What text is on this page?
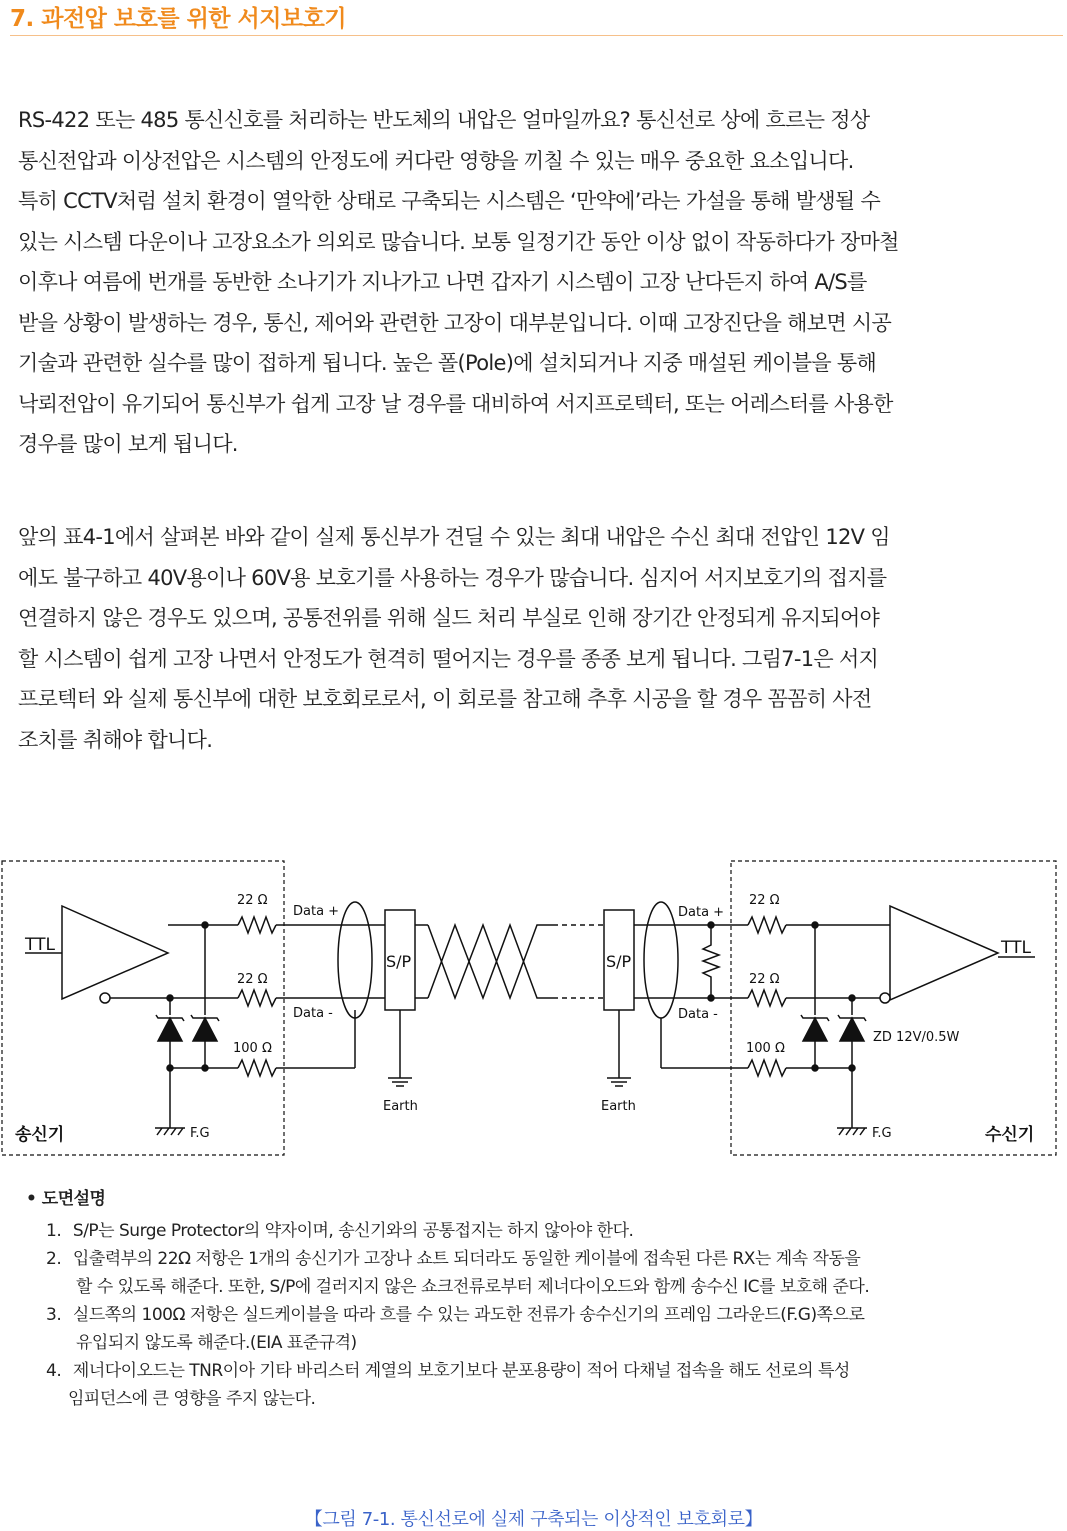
7. 과전압 보호를 위한 서지보호기
RS-422 또는 485 통신신호를 처리하는 반도체의 내압은 얼마일까요? 통신선로 상에 흐르는 정상
통신전압과 이상전압은 시스템의 안정도에 커다란 영향을 끼칠 수 있는 매우 중요한 요소입니다.
특히 CCTV처럼 설치 환경이 열악한 상태로 구축되는 시스템은 ‘만약에’라는 가설을 통해 발생될 수
있는 시스템 다운이나 고장요소가 의외로 많습니다. 보통 일정기간 동안 이상 없이 작동하다가 장마철
이후나 여름에 번개를 동반한 소나기가 지나가고 나면 갑자기 시스템이 고장 난다든지 하여 A/S를
받을 상황이 발생하는 경우, 통신, 제어와 관련한 고장이 대부분입니다. 이때 고장진단을 해보면 시공
기술과 관련한 실수를 많이 접하게 됩니다. 높은 폴(Pole)에 설치되거나 지중 매설된 케이블을 통해
낙뢰전압이 유기되어 통신부가 쉽게 고장 날 경우를 대비하여 서지프로텍터, 또는 어레스터를 사용한
경우를 많이 보게 됩니다.
앞의 표4-1에서 살펴본 바와 같이 실제 통신부가 견딜 수 있는 최대 내압은 수신 최대 전압인 12V 임
에도 불구하고 40V용이나 60V용 보호기를 사용하는 경우가 많습니다. 심지어 서지보호기의 접지를
연결하지 않은 경우도 있으며, 공통전위를 위해 실드 처리 부실로 인해 장기간 안정되게 유지되어야
할 시스템이 쉽게 고장 나면서 안정도가 현격히 떨어지는 경우를 종종 보게 됩니다. 그림7-1은 서지
프로텍터 와 실제 통신부에 대한 보호회로로서, 이 회로를 참고해 추후 시공을 할 경우 꼼꼼히 사전
조치를 취해야 합니다.
TTL	TTL
22 Ω
22 Ω
100 Ω
Data +
Data -
S/P	S/P
Earth	Earth
Data +
Data -
22 Ω
22 Ω
100 Ω
ZD 12V/0.5W
F.G	F.G
송신기	수신기
• 도면설명
1. S/P는 Surge Protector의 약자이며, 송신기와의 공통접지는 하지 않아야 한다.
2. 입출력부의 22Ω 저항은 1개의 송신기가 고장나 쇼트 되더라도 동일한 케이블에 접속된 다른 RX는 계속 작동을
할 수 있도록 해준다. 또한, S/P에 걸러지지 않은 쇼크전류로부터 제너다이오드와 함께 송수신 IC를 보호해 준다.
3. 실드쪽의 100Ω 저항은 실드케이블을 따라 흐를 수 있는 과도한 전류가 송수신기의 프레임 그라운드(F.G)쪽으로
유입되지 않도록 해준다.(EIA 표준규격)
4. 제너다이오드는 TNR이아 기타 바리스터 계열의 보호기보다 분포용량이 적어 다채널 접속을 해도 선로의 특성
임피던스에 큰 영향을 주지 않는다.
【그림 7-1. 통신선로에 실제 구축되는 이상적인 보호회로】
